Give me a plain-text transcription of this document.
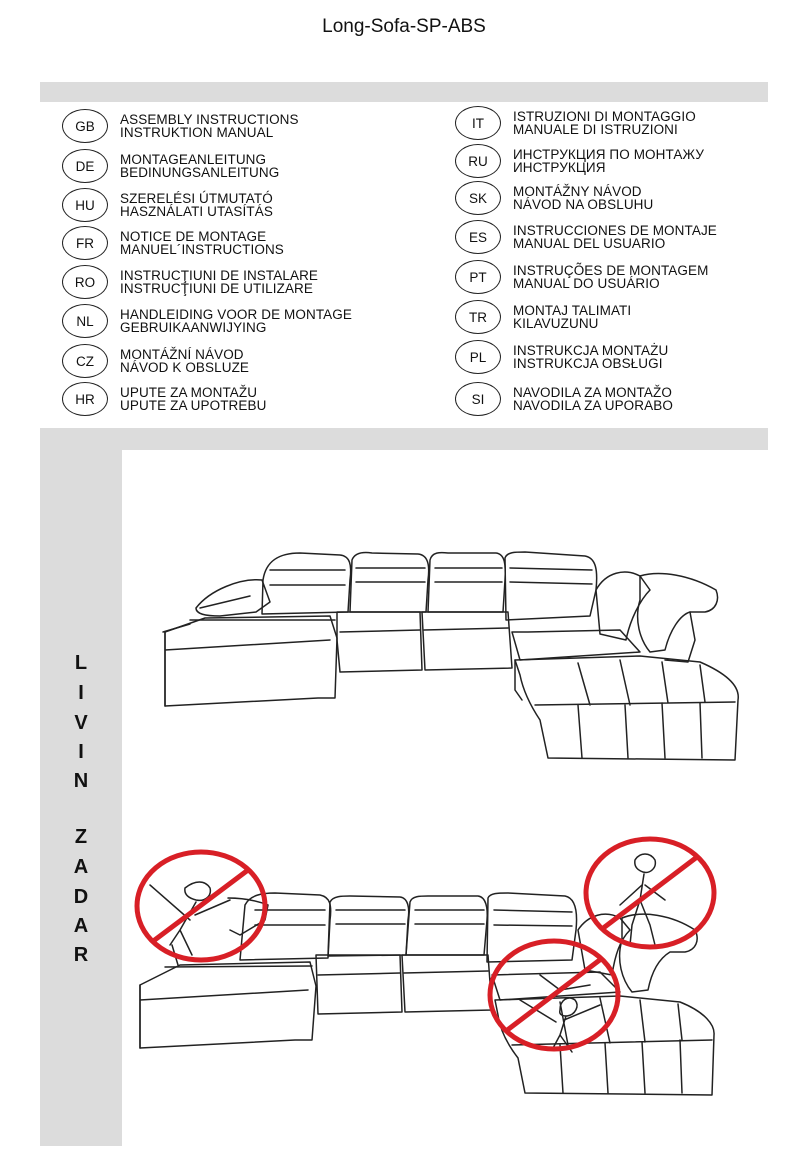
Long-Sofa-SP-ABS
GB	ASSEMBLY INSTRUCTIONS
INSTRUKTION MANUAL
DE	MONTAGEANLEITUNG
BEDINUNGSANLEITUNG
HU	SZERELÉSI ÚTMUTATÓ
HASZNÁLATI UTASÍTÁS
FR	NOTICE DE MONTAGE
MANUEL´INSTRUCTIONS
RO	INSTRUCŢIUNI DE INSTALARE
INSTRUCŢIUNI DE UTILIZARE
NL	HANDLEIDING VOOR DE MONTAGE
GEBRUIKAANWIJYING
CZ	MONTÁŽNÍ NÁVOD
NÁVOD K OBSLUZE
HR	UPUTE ZA MONTAŽU
UPUTE ZA UPOTREBU
IT	ISTRUZIONI DI MONTAGGIO
MANUALE DI ISTRUZIONI
RU	ИНСТРУКЦИЯ ПО МОНТАЖУ
ИНСТРУКЦИЯ
SK	MONTÁŽNY NÁVOD
NÁVOD NA OBSLUHU
ES	INSTRUCCIONES DE MONTAJE
MANUAL DEL USUARIO
PT	INSTRUÇÕES DE MONTAGEM
MANUAL DO USUÁRIO
TR	MONTAJ TALIMATI
KILAVUZUNU
PL	INSTRUKCJA MONTAŻU
INSTRUKCJA OBSŁUGI
SI	NAVODILA ZA MONTAŽO
NAVODILA ZA UPORABO
L
I
V
I
N
Z
A
D
A
R
